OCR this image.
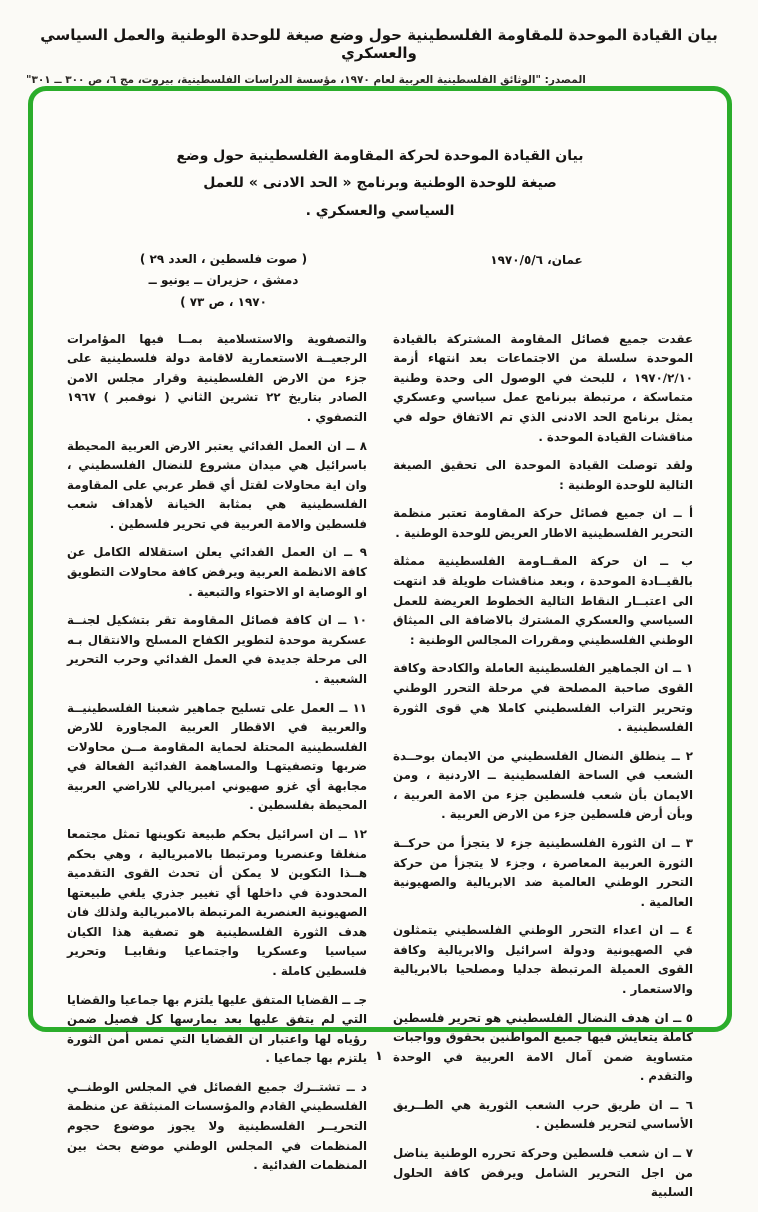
بيان القيادة الموحدة للمقاومة الفلسطينية حول وضع صيغة للوحدة الوطنية والعمل السياسي والعسكري
المصدر: "الوثائق الفلسطينية العربية لعام ١٩٧٠، مؤسسة الدراسات الفلسطينية، بيروت، مج ٦، ص ٣٠٠ ــ ٣٠١"
بيان القيادة الموحدة لحركة المقاومة الفلسطينية حول وضع
صيغة للوحدة الوطنية وبرنامج « الحد الادنى » للعمل
السياسي والعسكري .
عمان، ١٩٧٠/٥/٦
( صوت فلسطين ، العدد ٢٩ )
دمشق ، حزيران ــ يونيو ــ
١٩٧٠ ، ص ٧٣ )

عقدت جميع فصائل المقاومة المشتركة بالقيادة الموحدة سلسلة من الاجتماعات بعد انتهاء أزمة ١٩٧٠/٢/١٠ ، للبحث في الوصول الى وحدة وطنية متماسكة ، مرتبطة ببرنامج عمل سياسي وعسكري يمثل برنامج الحد الادنى الذي تم الاتفاق حوله في مناقشات القيادة الموحدة .

ولقد توصلت القيادة الموحدة الى تحقيق الصيغة التالية للوحدة الوطنية :

أ ــ ان جميع فصائل حركة المقاومة تعتبر منظمة التحرير الفلسطينية الاطار العريض للوحدة الوطنية .

ب ــ ان حركة المقــاومة الفلسطينية ممثلة بالقيــادة الموحدة ، وبعد مناقشات طويلة قد انتهت الى اعتبــار النقاط التالية الخطوط العريضة للعمل السياسي والعسكري المشترك بالاضافة الى الميثاق الوطني الفلسطيني ومقررات المجالس الوطنية :

١ ــ ان الجماهير الفلسطينية العاملة والكادحة وكافة القوى صاحبة المصلحة في مرحلة التحرر الوطني وتحرير التراب الفلسطيني كاملا هي قوى الثورة الفلسطينية .

٢ ــ ينطلق النضال الفلسطيني من الايمان بوحــدة الشعب في الساحة الفلسطينية ــ الاردنية ، ومن الايمان بأن شعب فلسطين جزء من الامة العربية ، وبأن أرض فلسطين جزء من الارض العربية .

٣ ــ ان الثورة الفلسطينية جزء لا يتجزأ من حركــة الثورة العربية المعاصرة ، وجزء لا يتجزأ من حركة التحرر الوطني العالمية ضد الابريالية والصهيونية العالمية .

٤ ــ ان اعداء التحرر الوطني الفلسطيني يتمثلون في الصهيونية ودولة اسرائيل والابريالية وكافة القوى العميلة المرتبطة جدليا ومصلحيا بالابريالية والاستعمار .

٥ ــ ان هدف النضال الفلسطيني هو تحرير فلسطين كاملة يتعايش فيها جميع المواطنين بحقوق وواجبات متساوية ضمن آمال الامة العربية في الوحدة والتقدم .

٦ ــ ان طريق حرب الشعب الثورية هي الطــريق الأساسي لتحرير فلسطين .

٧ ــ ان شعب فلسطين وحركة تحرره الوطنية يناضل من اجل التحرير الشامل ويرفض كافة الحلول السلبية

والتصفوية والاستسلامية بمــا فيها المؤامرات الرجعيــة الاستعمارية لاقامة دولة فلسطينية على جزء من الارض الفلسطينية وقرار مجلس الامن الصادر بتاريخ ٢٢ تشرين الثاني ( نوفمبر ) ١٩٦٧ التصفوي .

٨ ــ ان العمل الفدائي يعتبر الارض العربية المحيطة باسرائيل هي ميدان مشروع للنضال الفلسطيني ، وان اية محاولات لقتل أي قطر عربي على المقاومة الفلسطينية هي بمثابة الخيانة لأهداف شعب فلسطين والامة العربية في تحرير فلسطين .

٩ ــ ان العمل الفدائي يعلن استقلاله الكامل عن كافة الانظمة العربية ويرفض كافة محاولات التطويق او الوصاية او الاحتواء والتبعية .

١٠ ــ ان كافة فصائل المقاومة تقر بتشكيل لجنــة عسكرية موحدة لتطوير الكفاح المسلح والانتقال بـه الى مرحلة جديدة في العمل الفدائي وحرب التحرير الشعبية .

١١ ــ العمل على تسليح جماهير شعبنا الفلسطينيــة والعربية في الاقطار العربية المجاورة للارض الفلسطينية المحتلة لحماية المقاومة مــن محاولات ضربها وتصفيتهـا والمساهمة الفدائية الفعالة في مجابهة أي غزو صهيوني امبريالي للاراضي العربية المحيطة بفلسطين .

١٢ ــ ان اسرائيل بحكم طبيعة تكوينها تمثل مجتمعا منغلقا وعنصريا ومرتبطا بالامبريالية ، وهي بحكم هــذا التكوين لا يمكن أن تحدث القوى التقدمية المحدودة في داخلها أي تغيير جذري يلغي طبيعتها الصهيونية العنصرية المرتبطة بالامبريالية ولذلك فان هدف الثورة الفلسطينية هو تصفية هذا الكيان سياسيا وعسكريا واجتماعيا ونقابيـا وتحرير فلسطين كاملة .

جـ ــ القضايا المتفق عليها يلتزم بها جماعيا والقضايا التي لم يتفق عليها بعد يمارسها كل فصيل ضمن رؤياه لها واعتبار ان القضايا التي تمس أمن الثورة يلتزم بها جماعيا .

د ــ تشتــرك جميع الفصائل في المجلس الوطنــي الفلسطيني القادم والمؤسسات المنبثقة عن منظمة التحريــر الفلسطينية ولا يجوز موضوع حجوم المنظمات في المجلس الوطني موضع بحث بين المنظمات الفدائية .

١
